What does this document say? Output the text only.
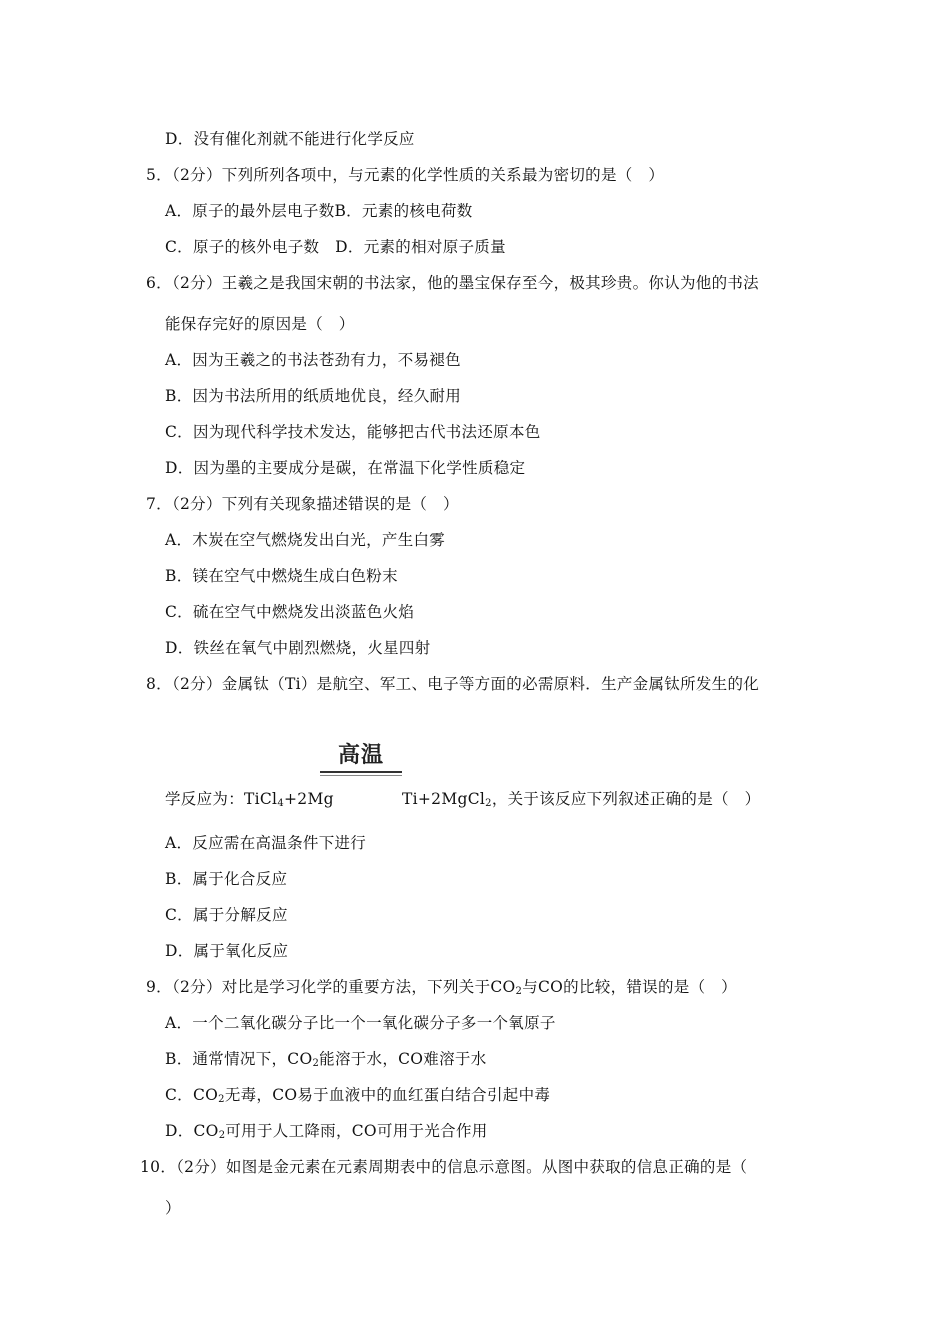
D．没有催化剂就不能进行化学反应
5．（2分）下列所列各项中，与元素的化学性质的关系最为密切的是（　）
A．原子的最外层电子数B．元素的核电荷数
C．原子的核外电子数　D．元素的相对原子质量
6．（2分）王羲之是我国宋朝的书法家，他的墨宝保存至今，极其珍贵。你认为他的书法
能保存完好的原因是（　）
A．因为王羲之的书法苍劲有力，不易褪色
B．因为书法所用的纸质地优良，经久耐用
C．因为现代科学技术发达，能够把古代书法还原本色
D．因为墨的主要成分是碳，在常温下化学性质稳定
7．（2分）下列有关现象描述错误的是（　）
A．木炭在空气燃烧发出白光，产生白雾
B．镁在空气中燃烧生成白色粉末
C．硫在空气中燃烧发出淡蓝色火焰
D．铁丝在氧气中剧烈燃烧，火星四射
8．（2分）金属钛（Ti）是航空、军工、电子等方面的必需原料．生产金属钛所发生的化
高温
学反应为：TiCl$_4$+2Mg	Ti+2MgCl$_2$，关于该反应下列叙述正确的是（　）
A．反应需在高温条件下进行
B．属于化合反应
C．属于分解反应
D．属于氧化反应
9．（2分）对比是学习化学的重要方法，下列关于$CO_2$与CO的比较，错误的是（　）
A．一个二氧化碳分子比一个一氧化碳分子多一个氧原子
B．通常情况下，$CO_2$能溶于水，CO难溶于水
C．$CO_2$无毒，CO易于血液中的血红蛋白结合引起中毒
D．$CO_2$可用于人工降雨，CO可用于光合作用
10．（2分）如图是金元素在元素周期表中的信息示意图。从图中获取的信息正确的是（
）
